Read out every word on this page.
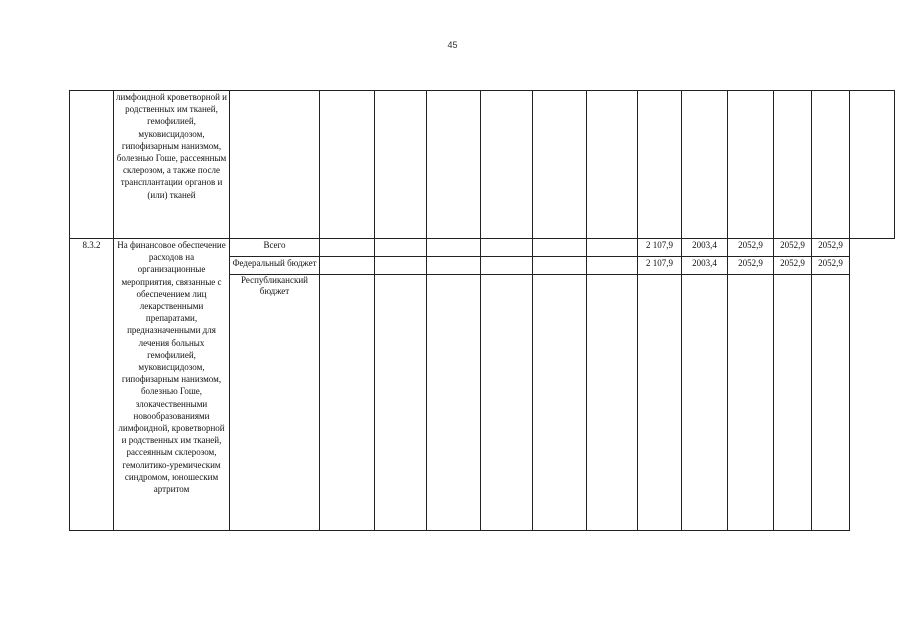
45
	лимфоидной кроветворной и родственных им тканей, гемофилией, муковисцидозом, гипофизарным нанизмом, болезнью Гоше, рассеянным склерозом, а также после трансплантации органов и (или) тканей													
8.3.2	На финансовое обеспечение расходов на организационные мероприятия, связанные с обеспечением лиц лекарственными препаратами, предназначенными для лечения больных гемофилией, муковисцидозом, гипофизарным нанизмом, болезнью Гоше, злокачественными новообразованиями лимфоидной, кроветворной и родственных им тканей, рассеянным склерозом, гемолитико-уремическим синдромом, юношеским артритом	Всего							2 107,9	2003,4	2052,9	2052,9	2052,9	
		Федеральный бюджет							2 107,9	2003,4	2052,9	2052,9	2052,9	
		Республиканский бюджет												
